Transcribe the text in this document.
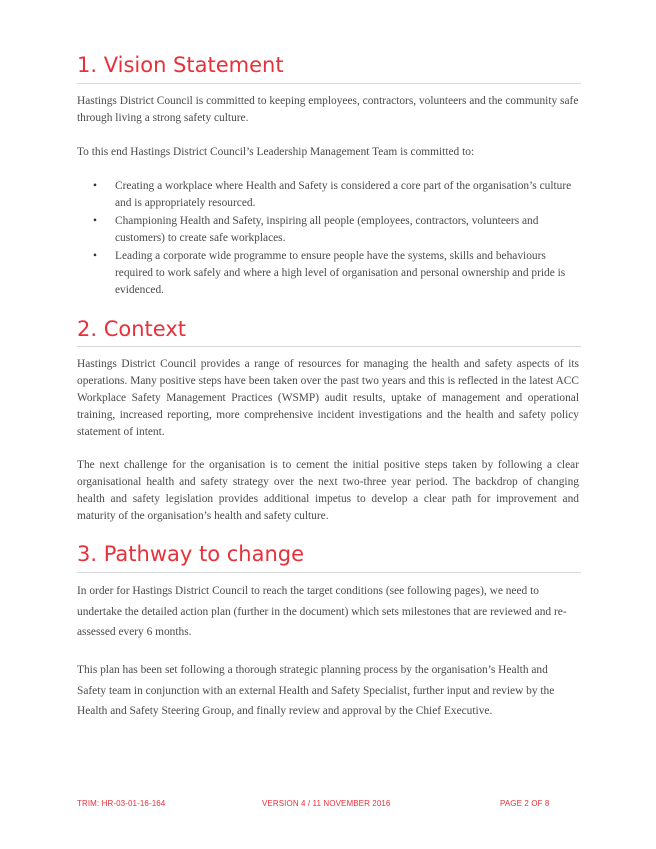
1. Vision Statement

Hastings District Council is committed to keeping employees, contractors, volunteers and the community safe through living a strong safety culture.

To this end Hastings District Council’s Leadership Management Team is committed to:

• Creating a workplace where Health and Safety is considered a core part of the organisation’s culture and is appropriately resourced.
• Championing Health and Safety, inspiring all people (employees, contractors, volunteers and customers) to create safe workplaces.
• Leading a corporate wide programme to ensure people have the systems, skills and behaviours required to work safely and where a high level of organisation and personal ownership and pride is evidenced.
2. Context

Hastings District Council provides a range of resources for managing the health and safety aspects of its operations. Many positive steps have been taken over the past two years and this is reflected in the latest ACC Workplace Safety Management Practices (WSMP) audit results, uptake of management and operational training, increased reporting, more comprehensive incident investigations and the health and safety policy statement of intent.

The next challenge for the organisation is to cement the initial positive steps taken by following a clear organisational health and safety strategy over the next two-three year period. The backdrop of changing health and safety legislation provides additional impetus to develop a clear path for improvement and maturity of the organisation’s health and safety culture.

3. Pathway to change

In order for Hastings District Council to reach the target conditions (see following pages), we need to undertake the detailed action plan (further in the document) which sets milestones that are reviewed and re-assessed every 6 months.

This plan has been set following a thorough strategic planning process by the organisation’s Health and Safety team in conjunction with an external Health and Safety Specialist, further input and review by the Health and Safety Steering Group, and finally review and approval by the Chief Executive.

TRIM: HR-03-01-16-164	VERSION 4 / 11 NOVEMBER 2016	PAGE 2 OF 8
